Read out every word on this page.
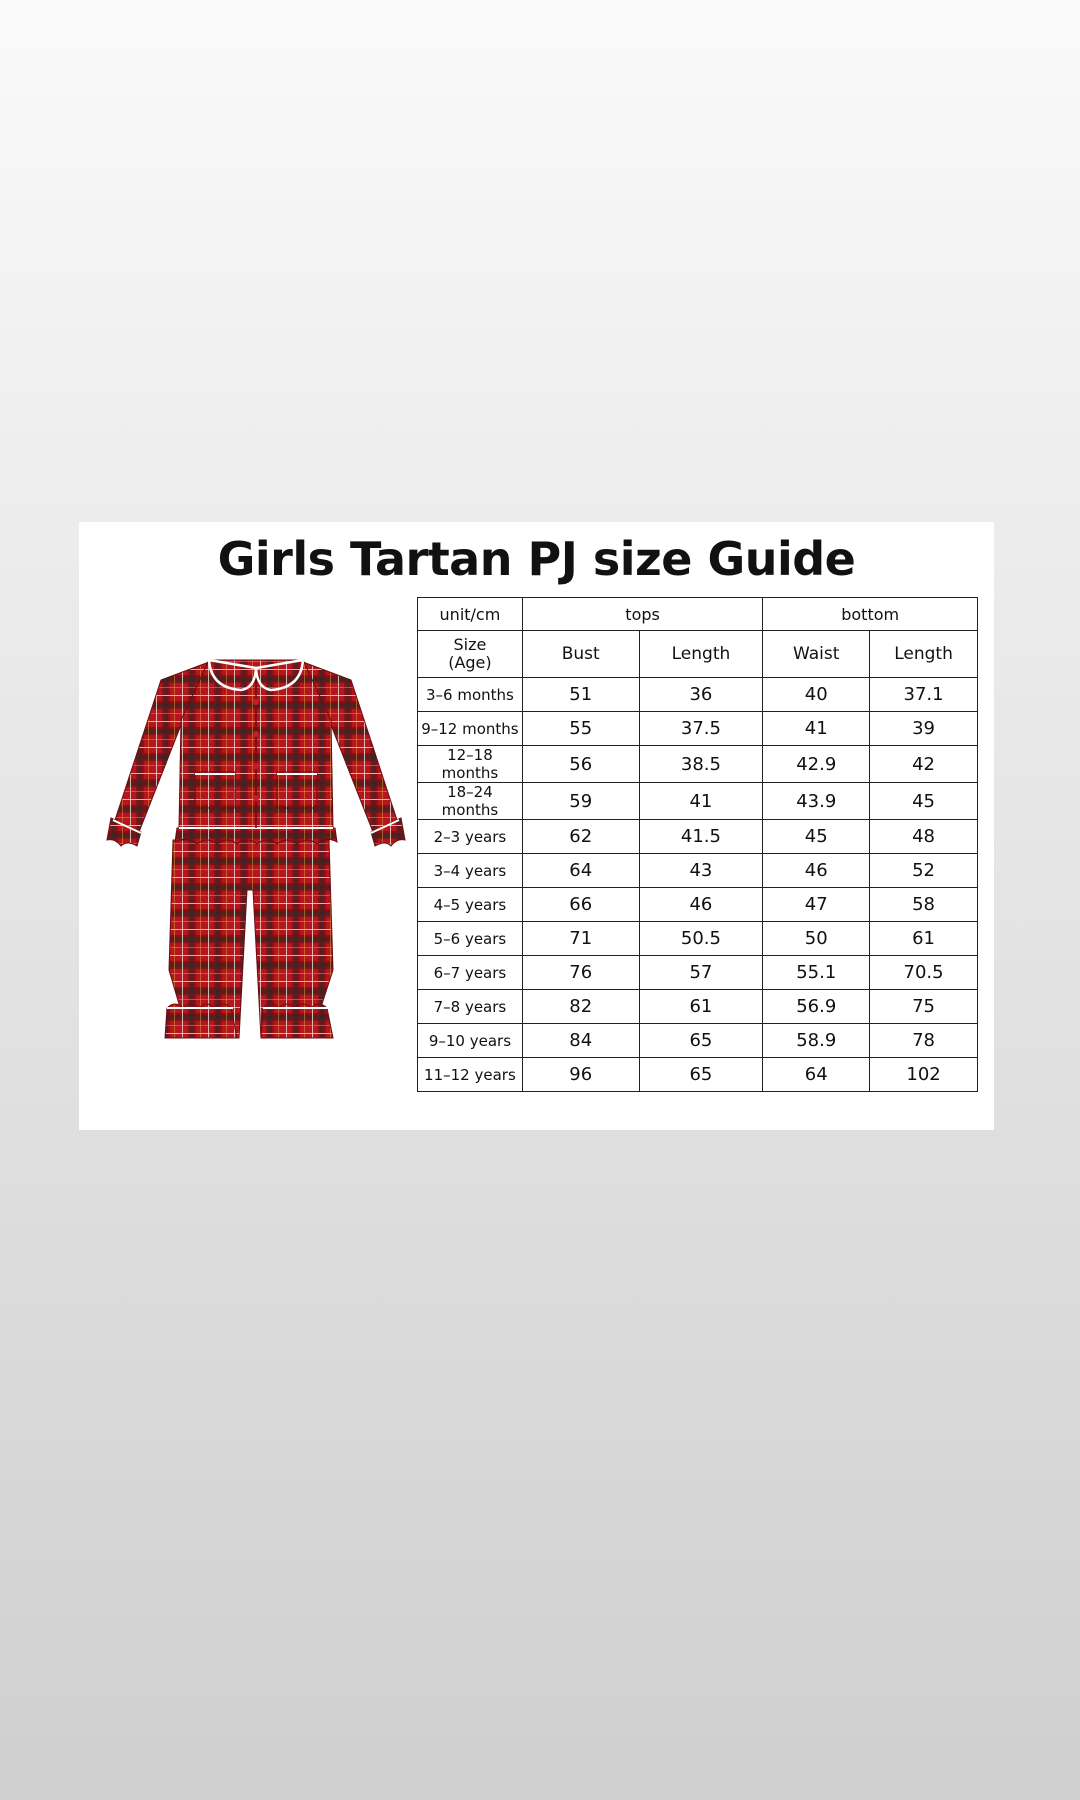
Girls Tartan PJ size Guide
unit/cm	tops		bottom	

Size
(Age)	Bust	Length	Waist	Length
3–6 months	51	36	40	37.1
9–12 months	55	37.5	41	39
12–18 months	56	38.5	42.9	42
18–24 months	59	41	43.9	45
2–3 years	62	41.5	45	48
3–4 years	64	43	46	52
4–5 years	66	46	47	58
5–6 years	71	50.5	50	61
6–7 years	76	57	55.1	70.5
7–8 years	82	61	56.9	75
9–10 years	84	65	58.9	78
11–12 years	96	65	64	102
